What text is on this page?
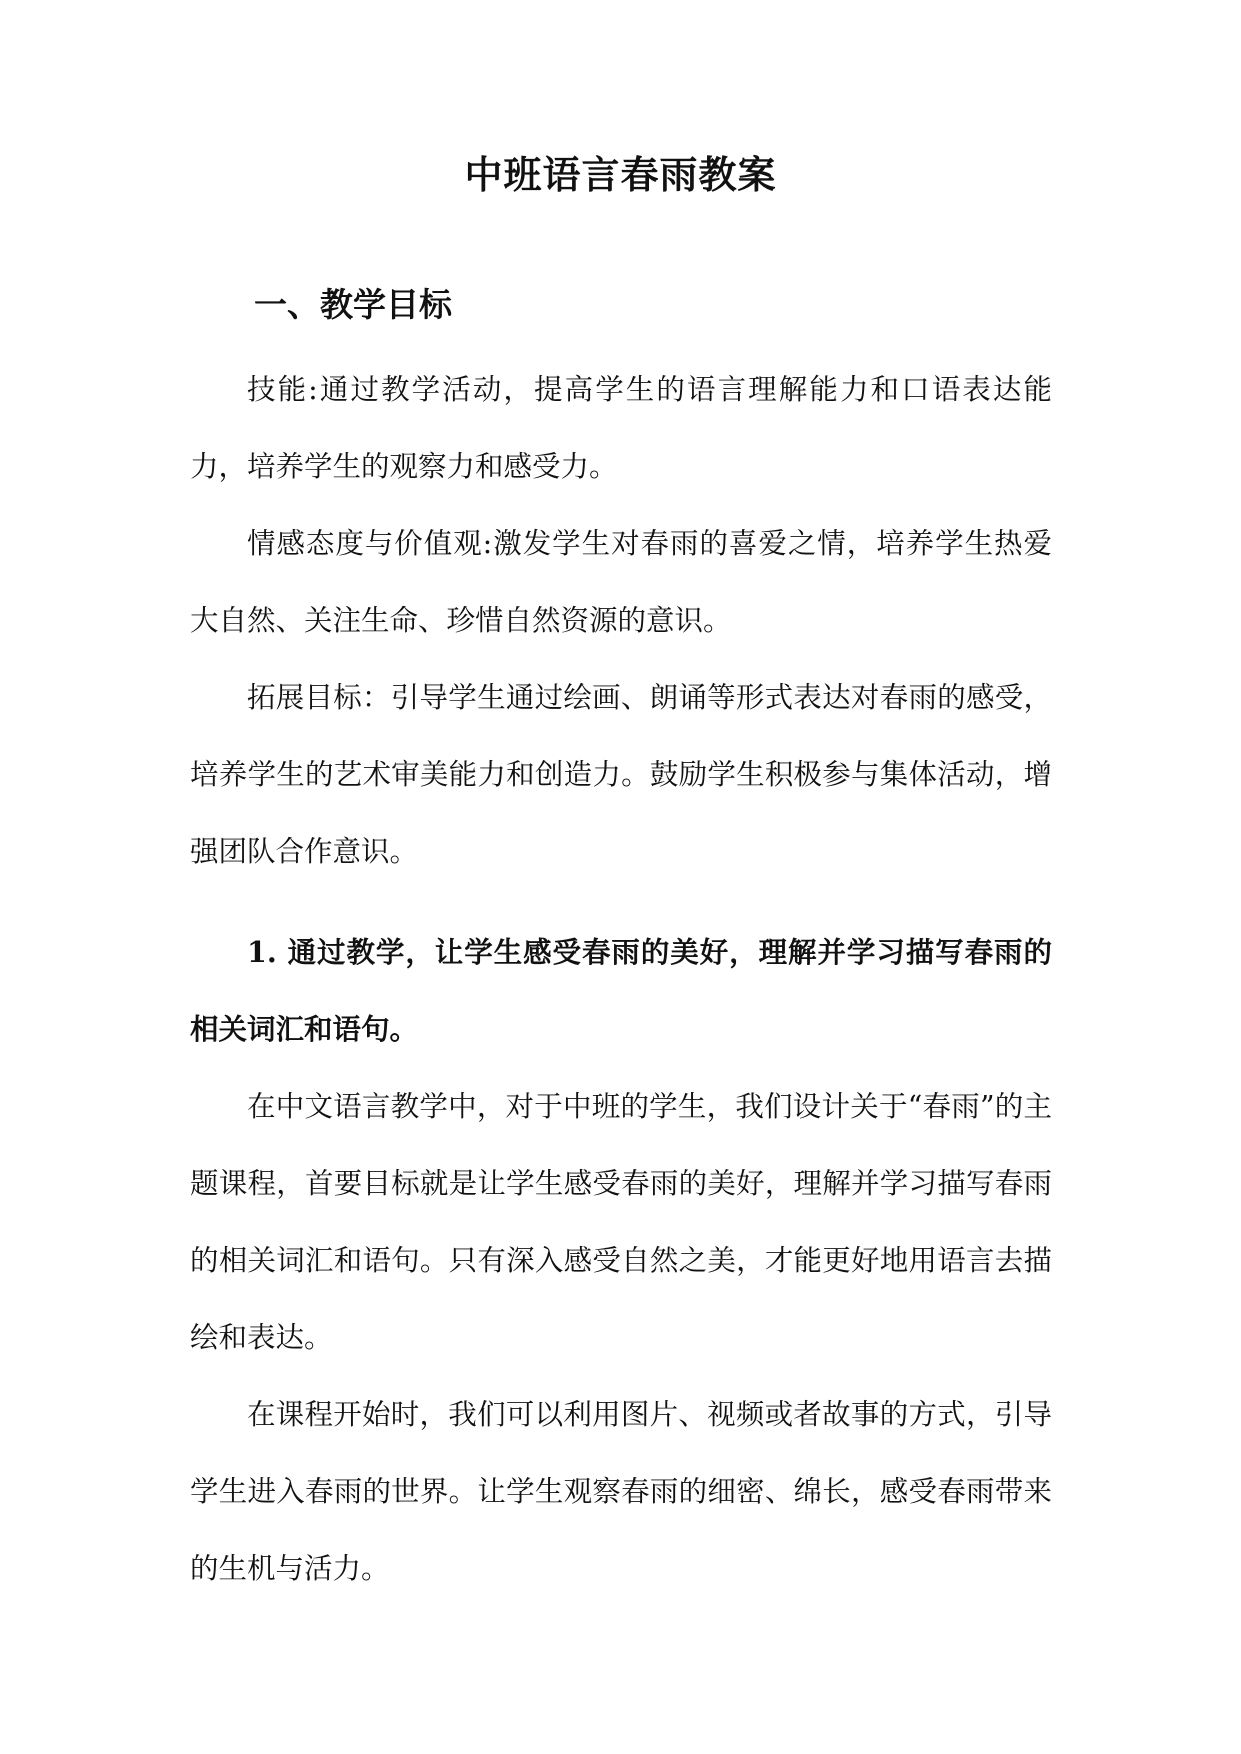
中班语言春雨教案
一、教学目标

技能:通过教学活动，提高学生的语言理解能力和口语表达能力，培养学生的观察力和感受力。

情感态度与价值观:激发学生对春雨的喜爱之情，培养学生热爱大自然、关注生命、珍惜自然资源的意识。

拓展目标：引导学生通过绘画、朗诵等形式表达对春雨的感受，培养学生的艺术审美能力和创造力。鼓励学生积极参与集体活动，增强团队合作意识。

1. 通过教学，让学生感受春雨的美好，理解并学习描写春雨的相关词汇和语句。

在中文语言教学中，对于中班的学生，我们设计关于“春雨”的主题课程，首要目标就是让学生感受春雨的美好，理解并学习描写春雨的相关词汇和语句。只有深入感受自然之美，才能更好地用语言去描绘和表达。

在课程开始时，我们可以利用图片、视频或者故事的方式，引导学生进入春雨的世界。让学生观察春雨的细密、绵长，感受春雨带来的生机与活力。
